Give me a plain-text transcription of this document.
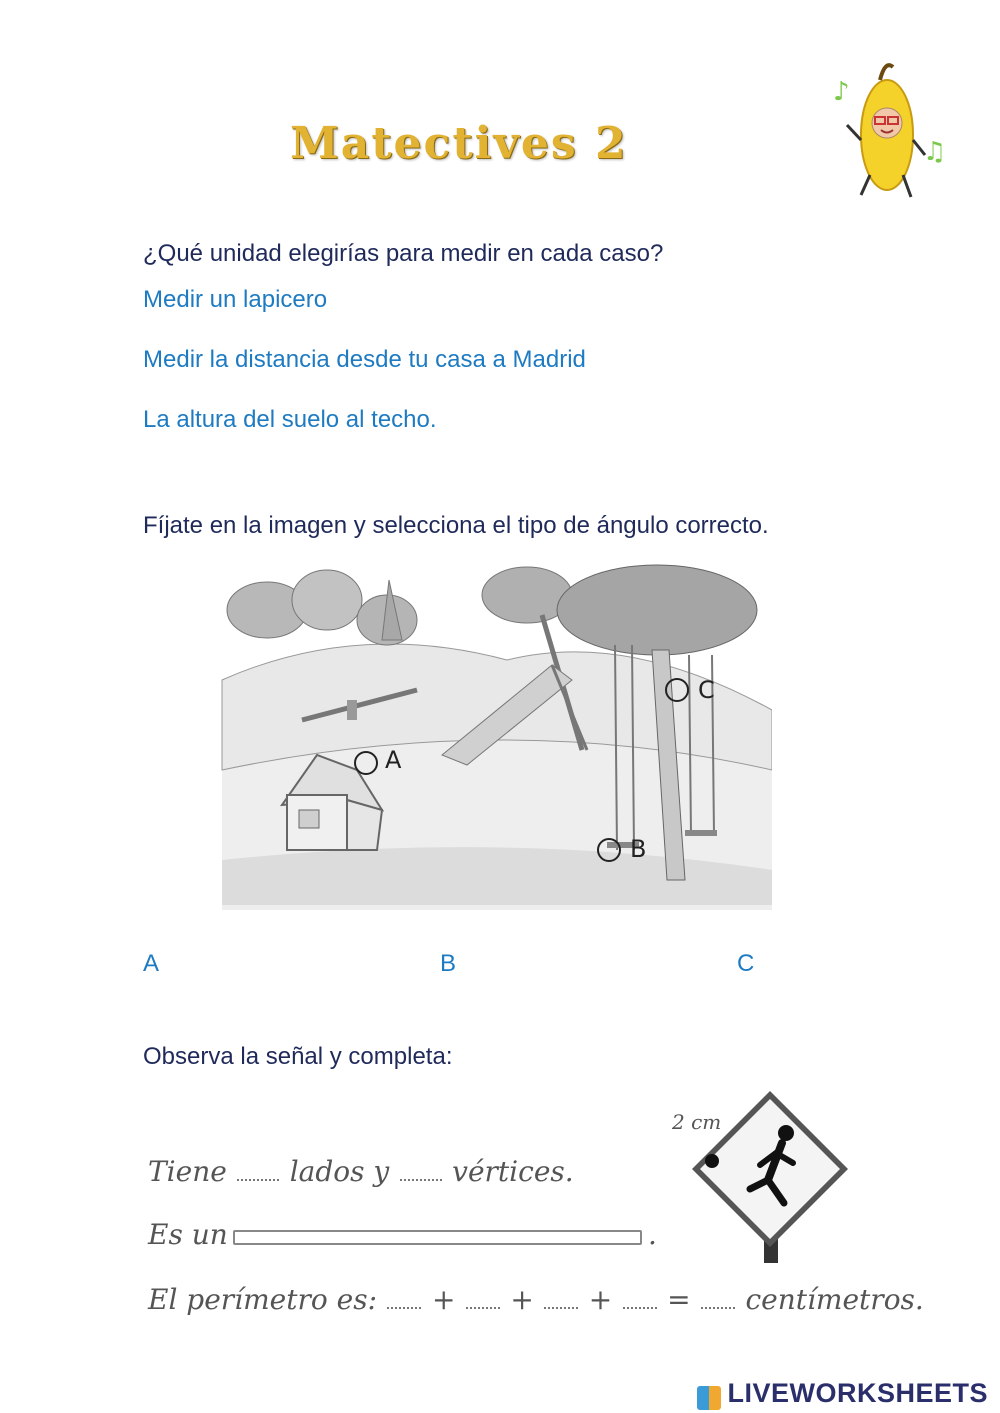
Matectives 2
♪
♫
¿Qué unidad elegirías para medir en cada caso?
Medir un lapicero
Medir la distancia desde tu casa a Madrid
La altura del suelo al techo.
Fíjate en la imagen y selecciona el tipo de ángulo correcto.
A
B
C
A	B	C
Observa la señal y completa:
Tiene lados y vértices.
Es un	.
El perímetro es: + + + = centímetros.
2 cm
LIVEWORKSHEETS
